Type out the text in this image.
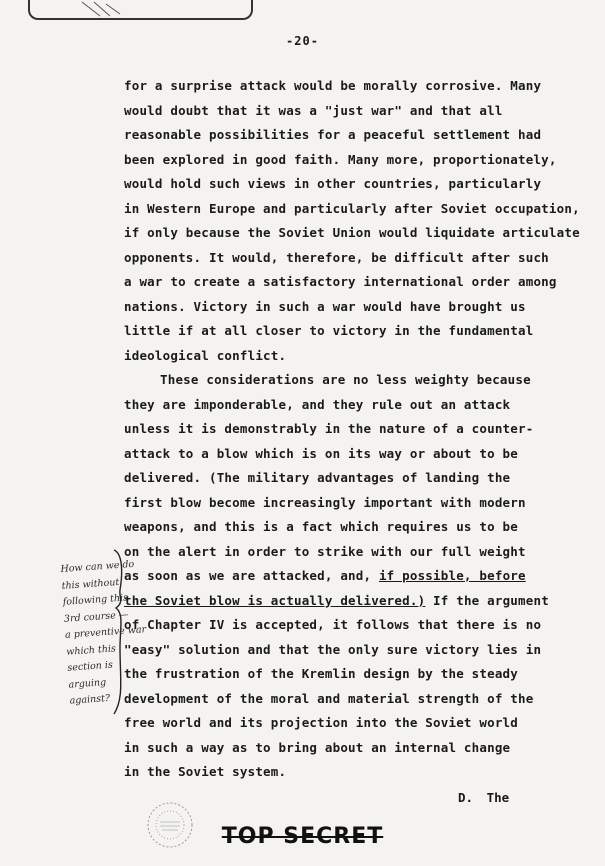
-20-
for a surprise attack would be morally corrosive. Many
would doubt that it was a "just war" and that all
reasonable possibilities for a peaceful settlement had
been explored in good faith. Many more, proportionately,
would hold such views in other countries, particularly
in Western Europe and particularly after Soviet occupation,
if only because the Soviet Union would liquidate articulate
opponents. It would, therefore, be difficult after such
a war to create a satisfactory international order among
nations. Victory in such a war would have brought us
little if at all closer to victory in the fundamental
ideological conflict.
These considerations are no less weighty because
they are imponderable, and they rule out an attack
unless it is demonstrably in the nature of a counter-
attack to a blow which is on its way or about to be
delivered. (The military advantages of landing the
first blow become increasingly important with modern
weapons, and this is a fact which requires us to be
on the alert in order to strike with our full weight
as soon as we are attacked, and, if possible, before
the Soviet blow is actually delivered.) If the argument
of Chapter IV is accepted, it follows that there is no
"easy" solution and that the only sure victory lies in
the frustration of the Kremlin design by the steady
development of the moral and material strength of the
free world and its projection into the Soviet world
in such a way as to bring about an internal change
in the Soviet system.
How can we do
this without
following this
3rd course —
a preventive war
which this
section is
arguing
against?
D. The
TOP SECRET
